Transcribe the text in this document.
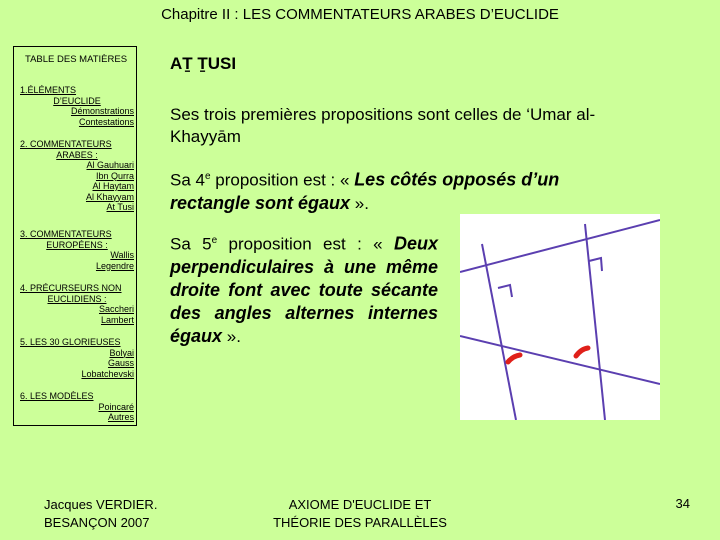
Chapitre II : LES COMMENTATEURS ARABES D’EUCLIDE
TABLE DES MATIÈRES
1.ÉLÉMENTS
D’EUCLIDE
Démonstrations
Contestations
2. COMMENTATEURS
ARABES :
Al Gauhuari
Ibn Qurra
Al Haytam
Al Khayyam
At Tusi
3. COMMENTATEURS
EUROPÉENS :
Wallis
Legendre
4. PRÉCURSEURS NON
EUCLIDIENS :
Saccheri
Lambert
5. LES 30 GLORIEUSES
Bolyai
Gauss
Lobatchevski
6. LES MODÈLES
Poincaré
Autres
AṮ ṮUSI
Ses trois premières propositions sont celles de ‘Umar al-Khayyām
Sa 4e proposition est : « Les côtés opposés d’un rectangle sont égaux ».
Sa 5e proposition est : « Deux perpendiculaires à une même droite font avec toute sécante des angles alternes internes égaux ».
Jacques VERDIER.
BESANÇON 2007
AXIOME D'EUCLIDE ET
THÉORIE DES PARALLÈLES
34
